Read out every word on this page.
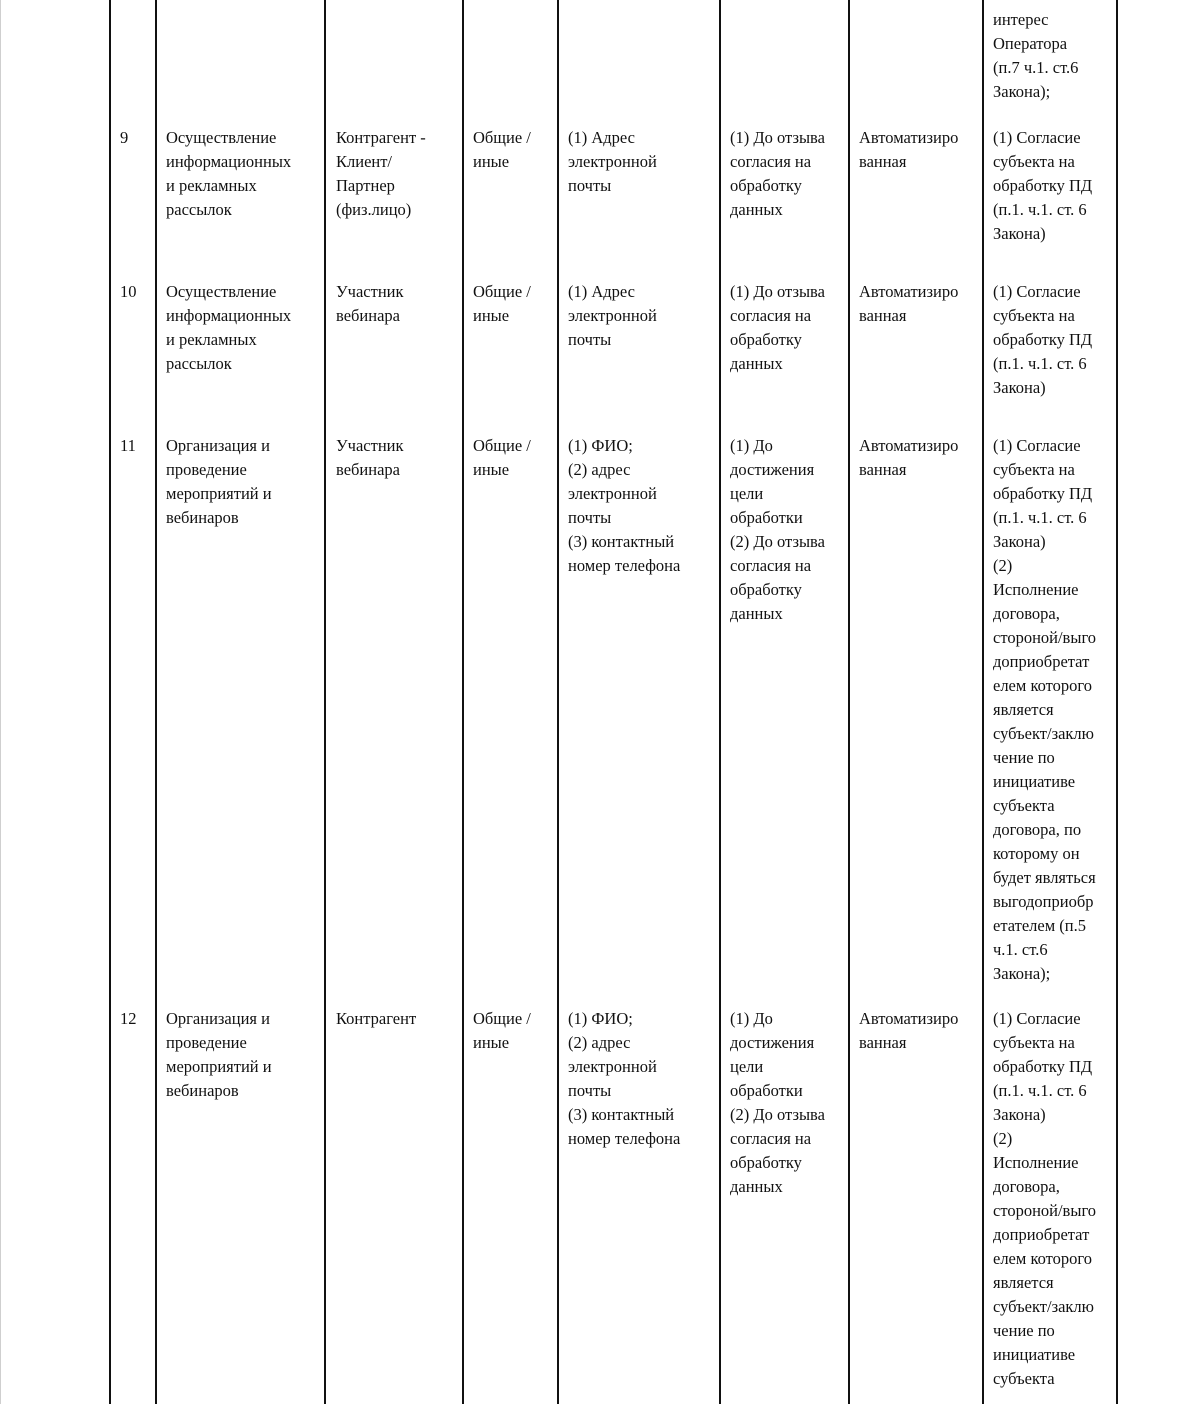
интерес
Оператора
(п.7 ч.1. ст.6
Закона);
9 Осуществление
информационных
и рекламных
рассылок
Контрагент -
Клиент/
Партнер
(физ.лицо)
Общие /
иные
(1) Адрес
электронной
почты
(1) До отзыва
согласия на
обработку
данных
Автоматизиро
ванная
(1) Согласие
субъекта на
обработку ПД
(п.1. ч.1. ст. 6
Закона)
10 Осуществление
информационных
и рекламных
рассылок
Участник
вебинара
Общие /
иные
(1) Адрес
электронной
почты
(1) До отзыва
согласия на
обработку
данных
Автоматизиро
ванная
(1) Согласие
субъекта на
обработку ПД
(п.1. ч.1. ст. 6
Закона)
11 Организация и
проведение
мероприятий и
вебинаров
Участник
вебинара
Общие /
иные
(1) ФИО;
(2) адрес
электронной
почты
(3) контактный
номер телефона
(1) До
достижения
цели
обработки
(2) До отзыва
согласия на
обработку
данных
Автоматизиро
ванная
(1) Согласие
субъекта на
обработку ПД
(п.1. ч.1. ст. 6
Закона)
(2)
Исполнение
договора,
стороной/выго
доприобретат
елем которого
является
субъект/заклю
чение по
инициативе
субъекта
договора, по
которому он
будет являться
выгодоприобр
етателем (п.5
ч.1. ст.6
Закона);
12 Организация и
проведение
мероприятий и
вебинаров
Контрагент	Общие /
иные
(1) ФИО;
(2) адрес
электронной
почты
(3) контактный
номер телефона
(1) До
достижения
цели
обработки
(2) До отзыва
согласия на
обработку
данных
Автоматизиро
ванная
(1) Согласие
субъекта на
обработку ПД
(п.1. ч.1. ст. 6
Закона)
(2)
Исполнение
договора,
стороной/выго
доприобретат
елем которого
является
субъект/заклю
чение по
инициативе
субъекта
